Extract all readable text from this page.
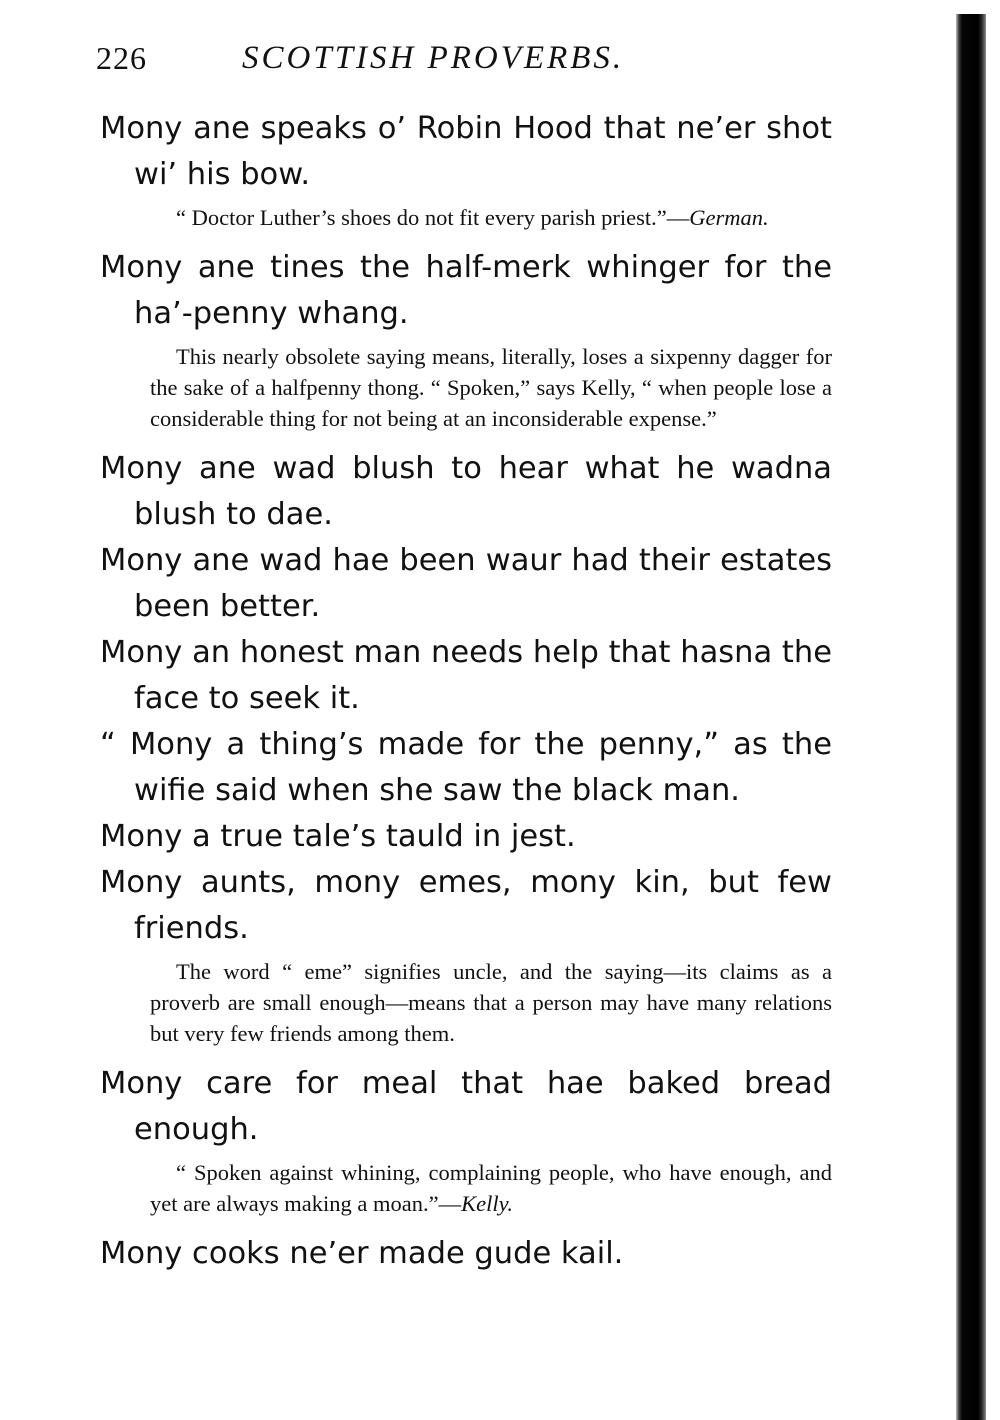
226	SCOTTISH PROVERBS.

Mony ane speaks o’ Robin Hood that ne’er shot wi’ his bow.

“ Doctor Luther’s shoes do not fit every parish priest.”—German.

Mony ane tines the half-merk whinger for the ha’-penny whang.

This nearly obsolete saying means, literally, loses a sixpenny dagger for the sake of a halfpenny thong. “ Spoken,” says Kelly, “ when people lose a considerable thing for not being at an inconsiderable expense.”

Mony ane wad blush to hear what he wadna blush to dae.

Mony ane wad hae been waur had their estates been better.

Mony an honest man needs help that hasna the face to seek it.

“ Mony a thing’s made for the penny,” as the wifie said when she saw the black man.

Mony a true tale’s tauld in jest.

Mony aunts, mony emes, mony kin, but few friends.

The word “ eme” signifies uncle, and the saying—its claims as a proverb are small enough—means that a person may have many relations but very few friends among them.

Mony care for meal that hae baked bread enough.

“ Spoken against whining, complaining people, who have enough, and yet are always making a moan.”—Kelly.

Mony cooks ne’er made gude kail.
